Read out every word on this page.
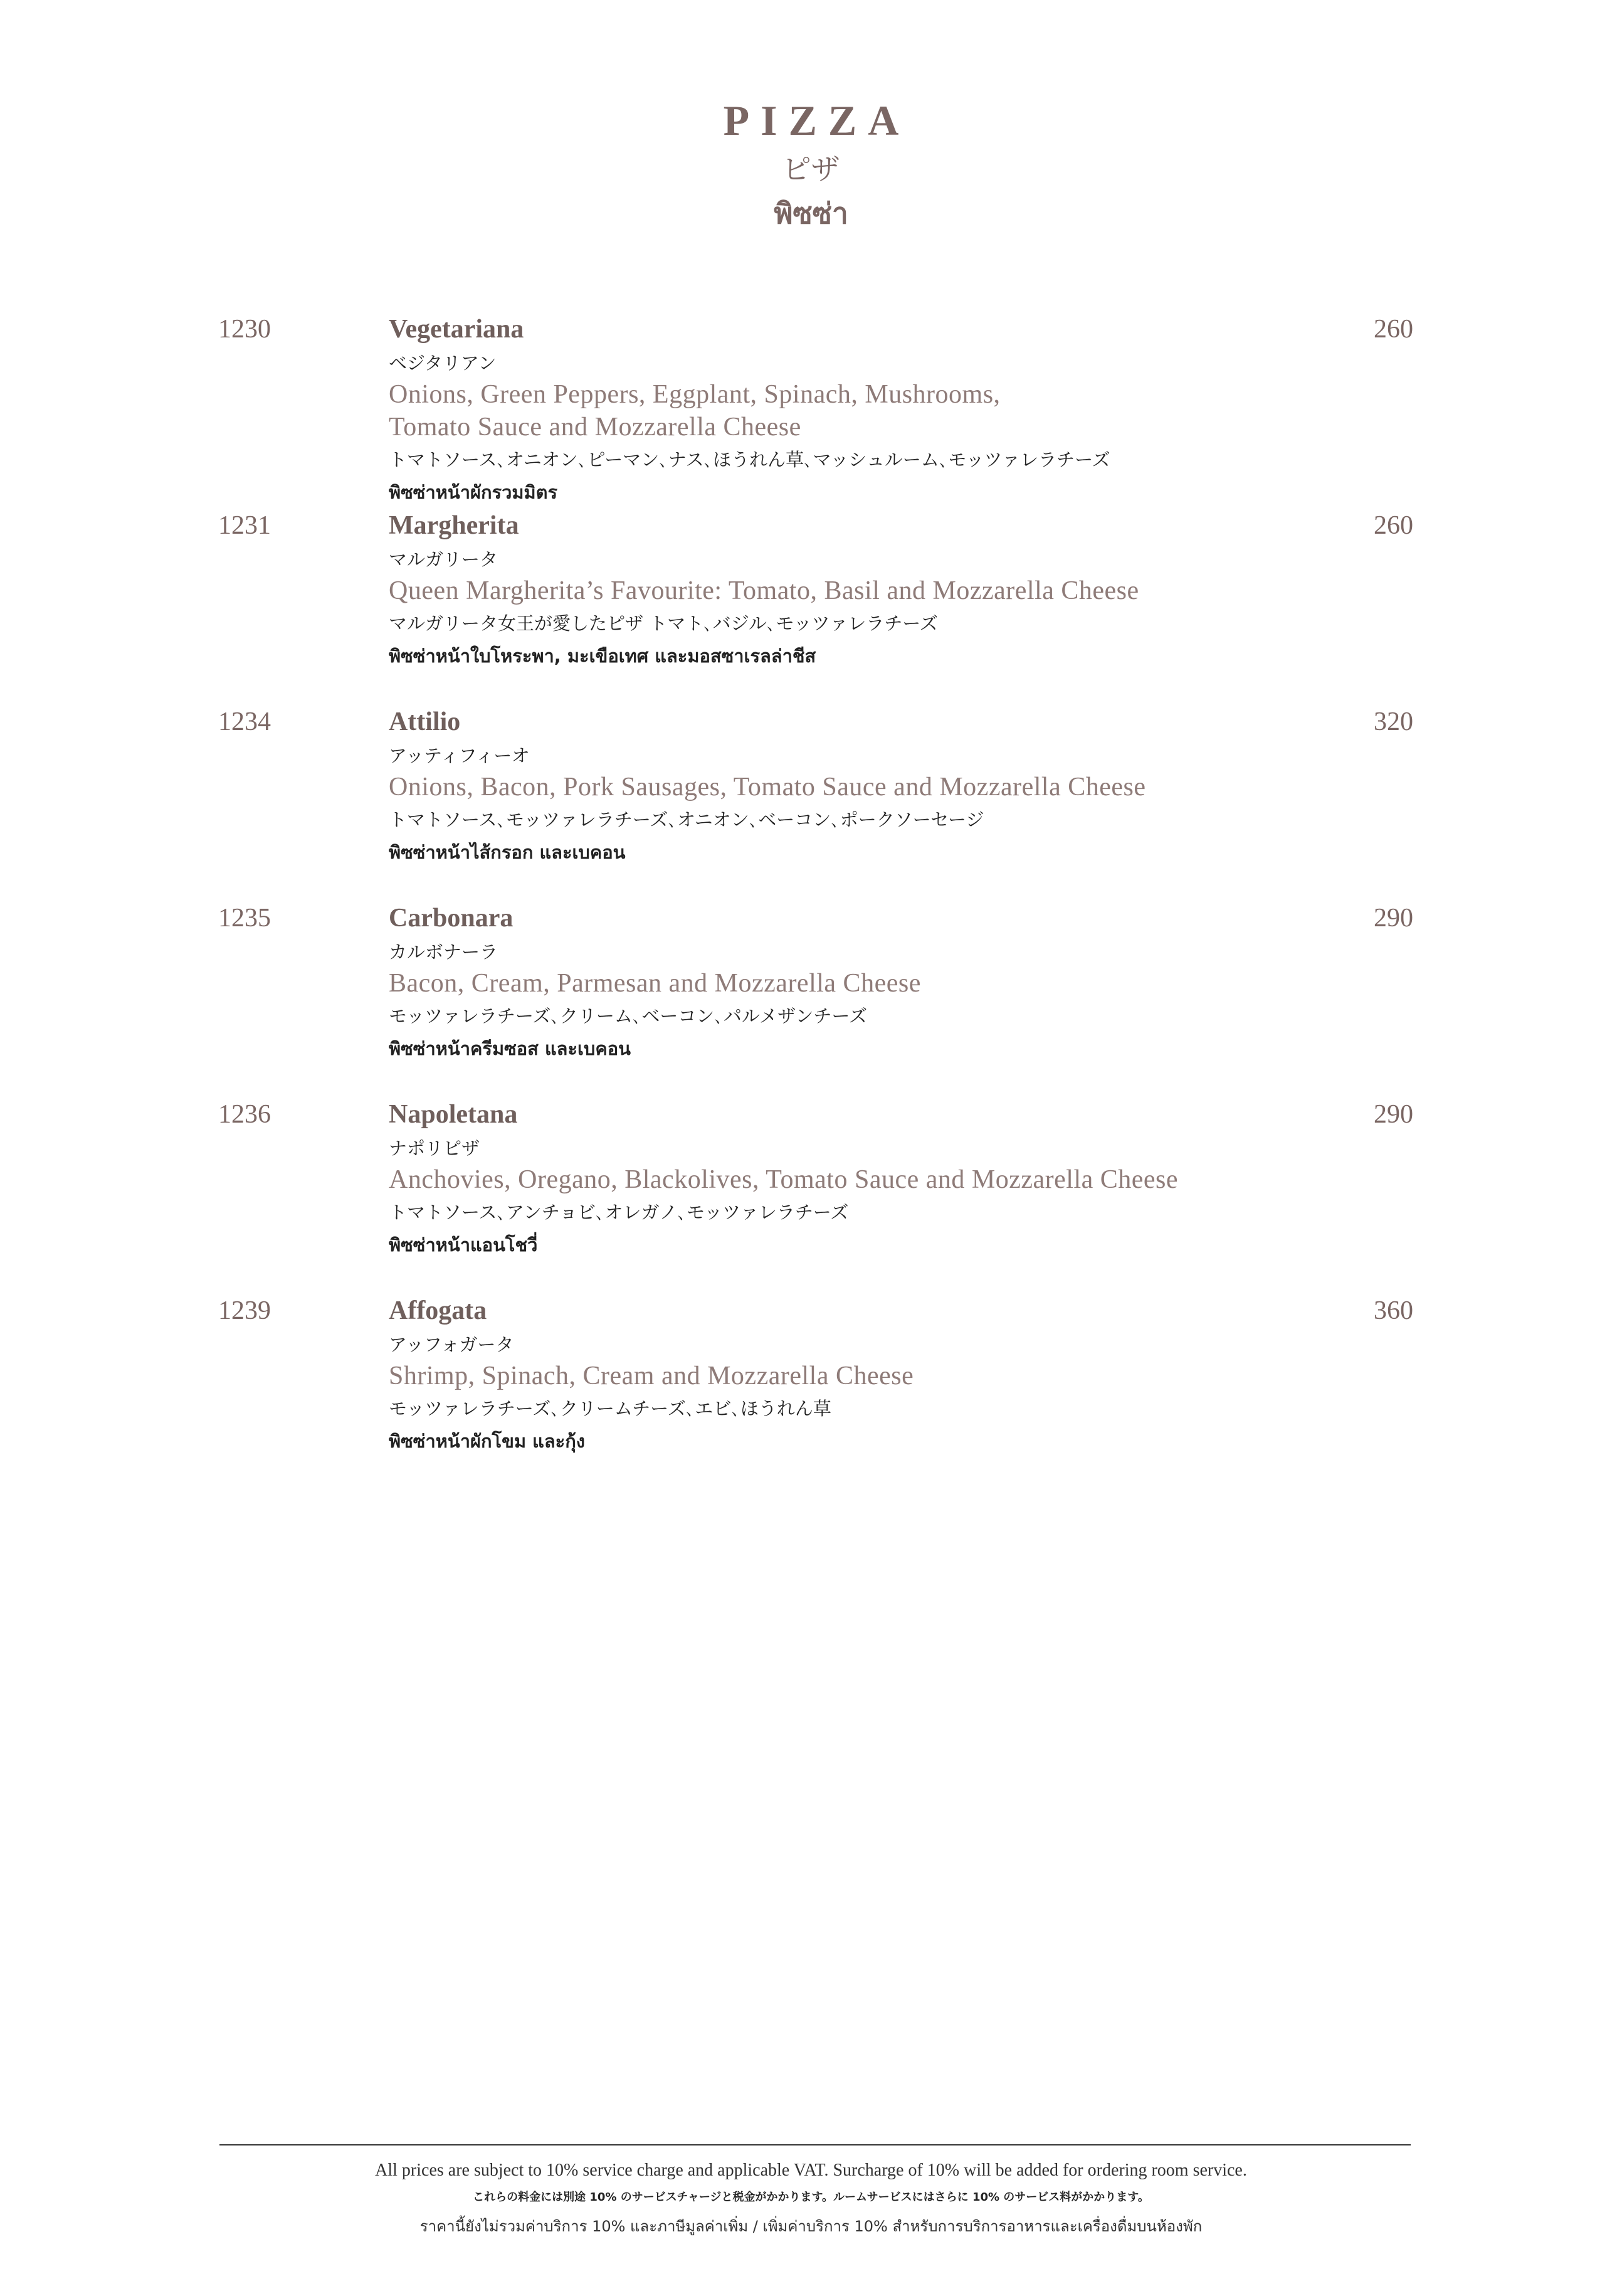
PIZZA
ピザ
พิซซ่า
1230	Vegetariana
ベジタリアン
Onions, Green Peppers, Eggplant, Spinach, Mushrooms,
Tomato Sauce and Mozzarella Cheese
トマトソース､オニオン､ピーマン､ナス､ほうれん草､マッシュルーム､モッツァレラチーズ
พิซซ่าหน้าผักรวมมิตร
260
1231	Margherita
マルガリータ
Queen Margherita’s Favourite: Tomato, Basil and Mozzarella Cheese
マルガリータ女王が愛したピザ トマト､バジル､モッツァレラチーズ
พิซซ่าหน้าใบโหระพา, มะเขือเทศ และมอสซาเรลล่าชีส
260
1234	Attilio
アッティフィーオ
Onions, Bacon, Pork Sausages, Tomato Sauce and Mozzarella Cheese
トマトソース､モッツァレラチーズ､オニオン､ベーコン､ポークソーセージ
พิซซ่าหน้าไส้กรอก และเบคอน
320
1235	Carbonara
カルボナーラ
Bacon, Cream, Parmesan and Mozzarella Cheese
モッツァレラチーズ､クリーム､ベーコン､パルメザンチーズ
พิซซ่าหน้าครีมซอส และเบคอน
290
1236	Napoletana
ナポリピザ
Anchovies, Oregano, Blackolives, Tomato Sauce and Mozzarella Cheese
トマトソース､アンチョビ､オレガノ､モッツァレラチーズ
พิซซ่าหน้าแอนโชวี่
290
1239	Affogata
アッフォガータ
Shrimp, Spinach, Cream and Mozzarella Cheese
モッツァレラチーズ､クリームチーズ､エビ､ほうれん草
พิซซ่าหน้าผักโขม และกุ้ง
360
All prices are subject to 10% service charge and applicable VAT. Surcharge of 10% will be added for ordering room service.
これらの料金には別途 10% のサービスチャージと税金がかかります。ルームサービスにはさらに 10% のサービス料がかかります。
ราคานี้ยังไม่รวมค่าบริการ 10% และภาษีมูลค่าเพิ่ม / เพิ่มค่าบริการ 10% สำหรับการบริการอาหารและเครื่องดื่มบนห้องพัก
